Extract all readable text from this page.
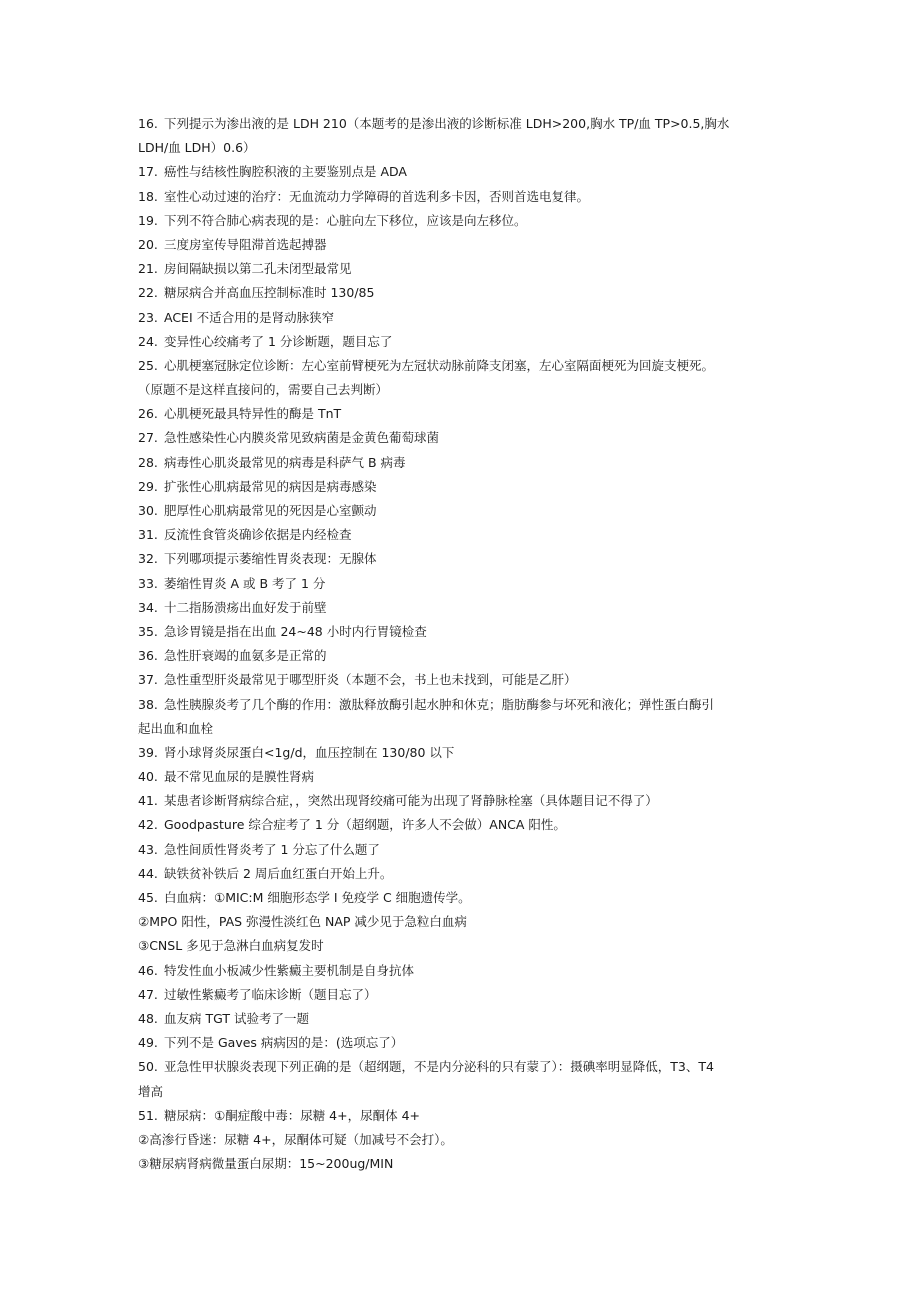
16. 下列提示为渗出液的是 LDH 210（本题考的是渗出液的诊断标准 LDH>200,胸水 TP/血 TP>0.5,胸水
LDH/血 LDH）0.6）
17. 癌性与结核性胸腔积液的主要鉴别点是 ADA
18. 室性心动过速的治疗：无血流动力学障碍的首选利多卡因，否则首选电复律。
19. 下列不符合肺心病表现的是：心脏向左下移位，应该是向左移位。
20. 三度房室传导阻滞首选起搏器
21. 房间隔缺损以第二孔未闭型最常见
22. 糖尿病合并高血压控制标准时 130/85
23. ACEI 不适合用的是肾动脉狭窄
24. 变异性心绞痛考了 1 分诊断题，题目忘了
25. 心肌梗塞冠脉定位诊断：左心室前臂梗死为左冠状动脉前降支闭塞，左心室隔面梗死为回旋支梗死。
（原题不是这样直接问的，需要自己去判断）
26. 心肌梗死最具特异性的酶是 TnT
27. 急性感染性心内膜炎常见致病菌是金黄色葡萄球菌
28. 病毒性心肌炎最常见的病毒是科萨气 B 病毒
29. 扩张性心肌病最常见的病因是病毒感染
30. 肥厚性心肌病最常见的死因是心室颤动
31. 反流性食管炎确诊依据是内经检查
32. 下列哪项提示萎缩性胃炎表现：无腺体
33. 萎缩性胃炎 A 或 B 考了 1 分
34. 十二指肠溃疡出血好发于前壁
35. 急诊胃镜是指在出血 24~48 小时内行胃镜检查
36. 急性肝衰竭的血氨多是正常的
37. 急性重型肝炎最常见于哪型肝炎（本题不会，书上也未找到，可能是乙肝）
38. 急性胰腺炎考了几个酶的作用：激肽释放酶引起水肿和休克；脂肪酶参与坏死和液化；弹性蛋白酶引
起出血和血栓
39. 肾小球肾炎尿蛋白<1g/d，血压控制在 130/80 以下
40. 最不常见血尿的是膜性肾病
41. 某患者诊断肾病综合症，，突然出现肾绞痛可能为出现了肾静脉栓塞（具体题目记不得了）
42. Goodpasture 综合症考了 1 分（超纲题，许多人不会做）ANCA 阳性。
43. 急性间质性肾炎考了 1 分忘了什么题了
44. 缺铁贫补铁后 2 周后血红蛋白开始上升。
45. 白血病：①MIC:M 细胞形态学 I 免疫学 C 细胞遗传学。
②MPO 阳性，PAS 弥漫性淡红色 NAP 减少见于急粒白血病
③CNSL 多见于急淋白血病复发时
46. 特发性血小板减少性紫癜主要机制是自身抗体
47. 过敏性紫癜考了临床诊断（题目忘了）
48. 血友病 TGT 试验考了一题
49. 下列不是 Gaves 病病因的是：(选项忘了）
50. 亚急性甲状腺炎表现下列正确的是（超纲题，不是内分泌科的只有蒙了）：摄碘率明显降低，T3、T4
增高
51. 糖尿病：①酮症酸中毒：尿糖 4+，尿酮体 4+
②高渗行昏迷：尿糖 4+，尿酮体可疑（加减号不会打）。
③糖尿病肾病微量蛋白尿期：15~200ug/MIN
